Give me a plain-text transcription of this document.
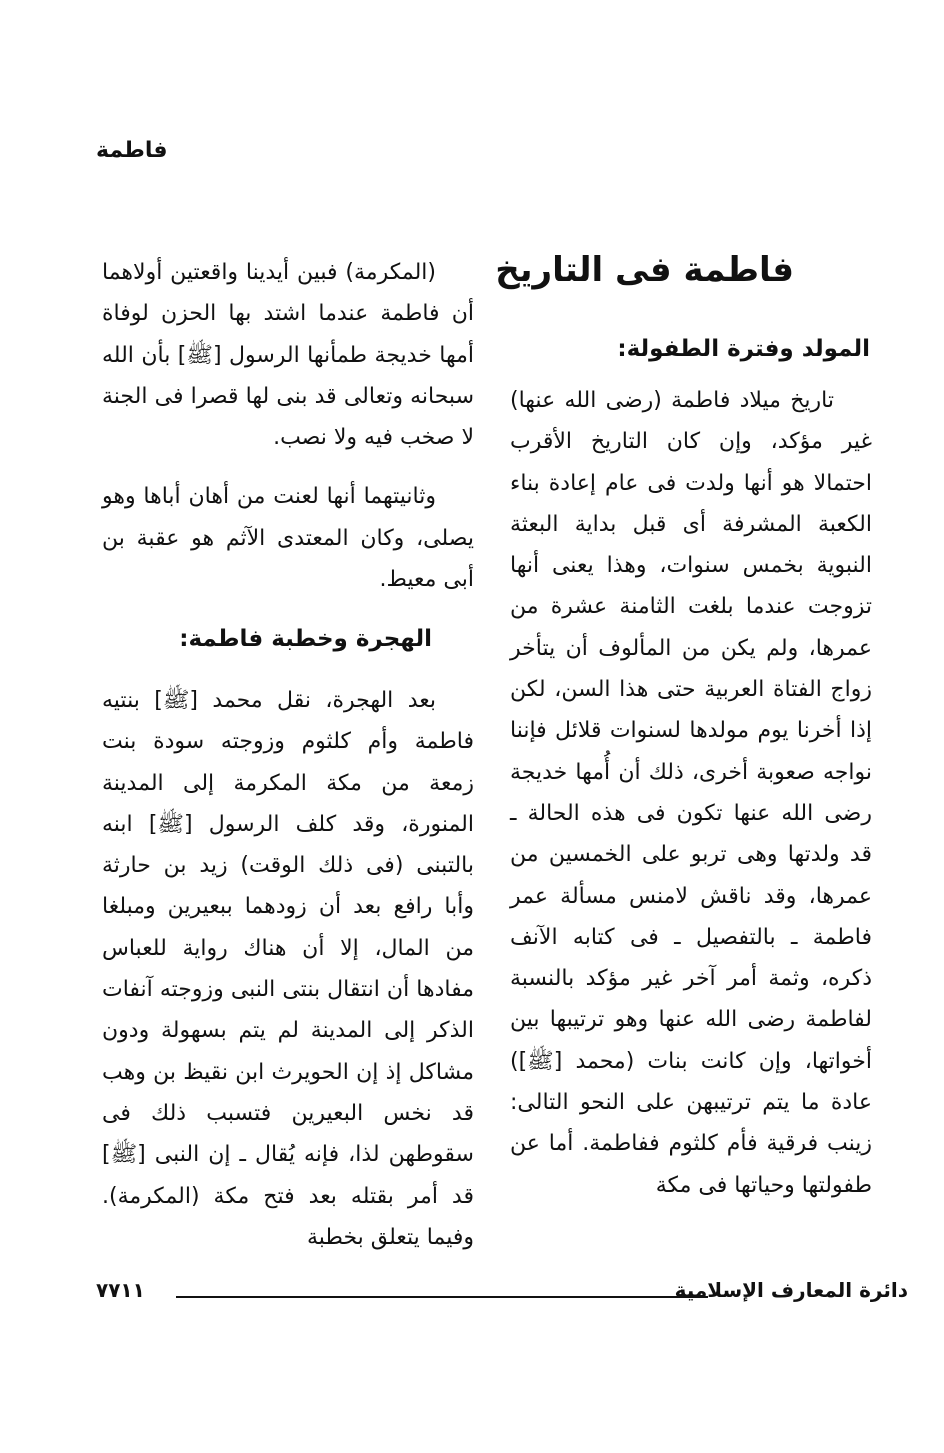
فاطمة
فاطمة فى التاريخ
المولد وفترة الطفولة:

تاريخ ميلاد فاطمة (رضى الله عنها) غير مؤكد، وإن كان التاريخ الأقرب احتمالا هو أنها ولدت فى عام إعادة بناء الكعبة المشرفة أى قبل بداية البعثة النبوية بخمس سنوات، وهذا يعنى أنها تزوجت عندما بلغت الثامنة عشرة من عمرها، ولم يكن من المألوف أن يتأخر زواج الفتاة العربية حتى هذا السن، لكن إذا أخرنا يوم مولدها لسنوات قلائل فإننا نواجه صعوبة أخرى، ذلك أن أُمها خديجة رضى الله عنها تكون فى هذه الحالة ـ قد ولدتها وهى تربو على الخمسين من عمرها، وقد ناقش لامنس مسألة عمر فاطمة ـ بالتفصيل ـ فى كتابه الآنف ذكره، وثمة أمر آخر غير مؤكد بالنسبة لفاطمة رضى الله عنها وهو ترتيبها بين أخواتها، وإن كانت بنات (محمد [ﷺ]) عادة ما يتم ترتيبهن على النحو التالى: زينب فرقية فأم كلثوم ففاطمة. أما عن طفولتها وحياتها فى مكة

(المكرمة) فبين أيدينا واقعتين أولاهما أن فاطمة عندما اشتد بها الحزن لوفاة أمها خديجة طمأنها الرسول [ﷺ] بأن الله سبحانه وتعالى قد بنى لها قصرا فى الجنة لا صخب فيه ولا نصب.

وثانيتهما أنها لعنت من أهان أباها وهو يصلى، وكان المعتدى الآثم هو عقبة بن أبى معيط.

الهجرة وخطبة فاطمة:

بعد الهجرة، نقل محمد [ﷺ] بنتيه فاطمة وأم كلثوم وزوجته سودة بنت زمعة من مكة المكرمة إلى المدينة المنورة، وقد كلف الرسول [ﷺ] ابنه بالتبنى (فى ذلك الوقت) زيد بن حارثة وأبا رافع بعد أن زودهما ببعيرين ومبلغا من المال، إلا أن هناك رواية للعباس مفادها أن انتقال بنتى النبى وزوجته آنفات الذكر إلى المدينة لم يتم بسهولة ودون مشاكل إذ إن الحويرث ابن نقيظ بن وهب قد نخس البعيرين فتسبب ذلك فى سقوطهن لذا، فإنه يُقال ـ إن النبى [ﷺ] قد أمر بقتله بعد فتح مكة (المكرمة). وفيما يتعلق بخطبة

دائرة المعارف الإسلامية
٧٧١١
